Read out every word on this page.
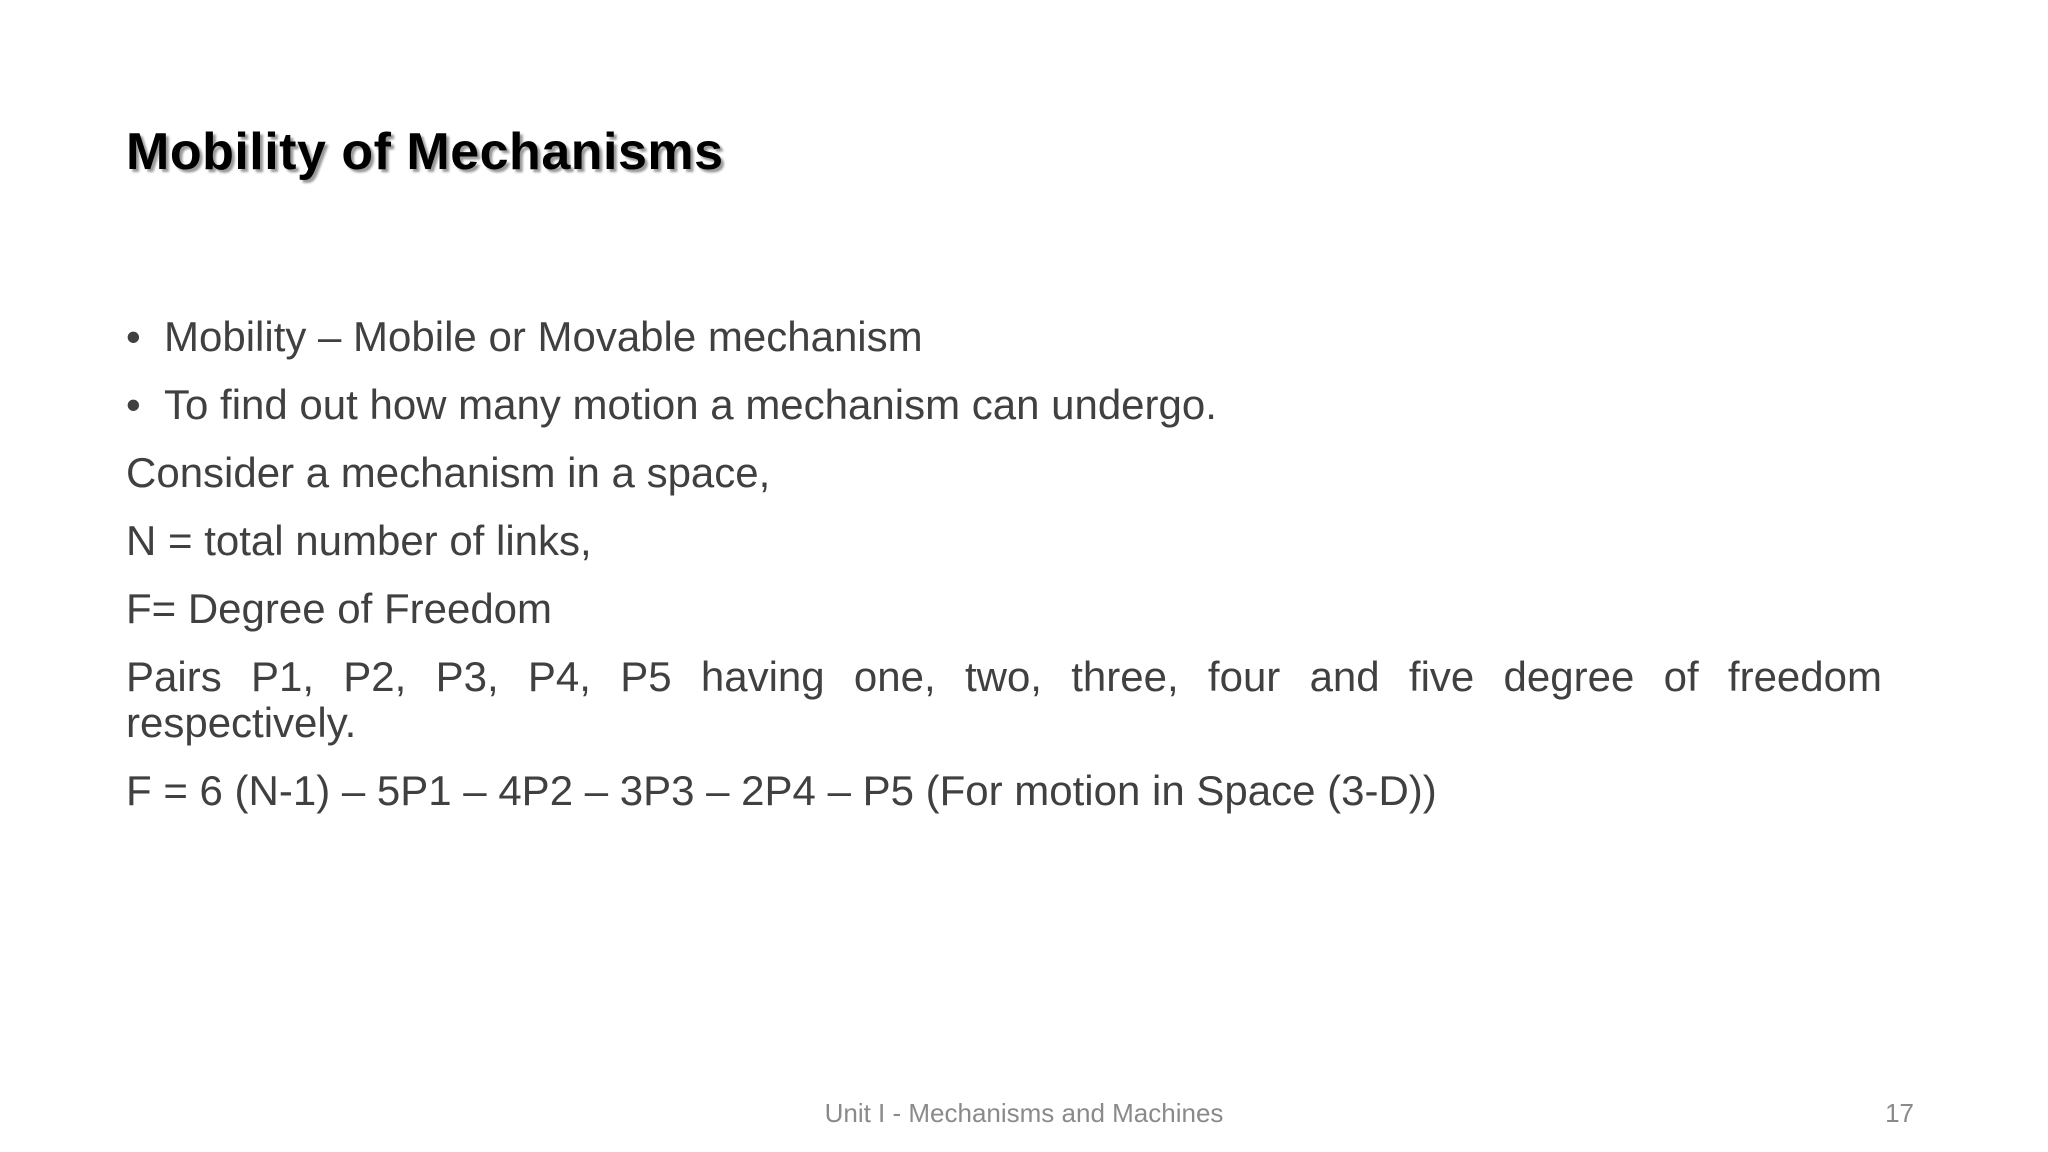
Mobility of Mechanisms
• Mobility – Mobile or Movable mechanism
• To find out how many motion a mechanism can undergo.

Consider a mechanism in a space,

N = total number of links,

F= Degree of Freedom

Pairs P1, P2, P3, P4, P5 having one, two, three, four and five degree of freedom respectively.

F = 6 (N-1) – 5P1 – 4P2 – 3P3 – 2P4 – P5 (For motion in Space (3-D))

Unit I - Mechanisms and Machines	17
